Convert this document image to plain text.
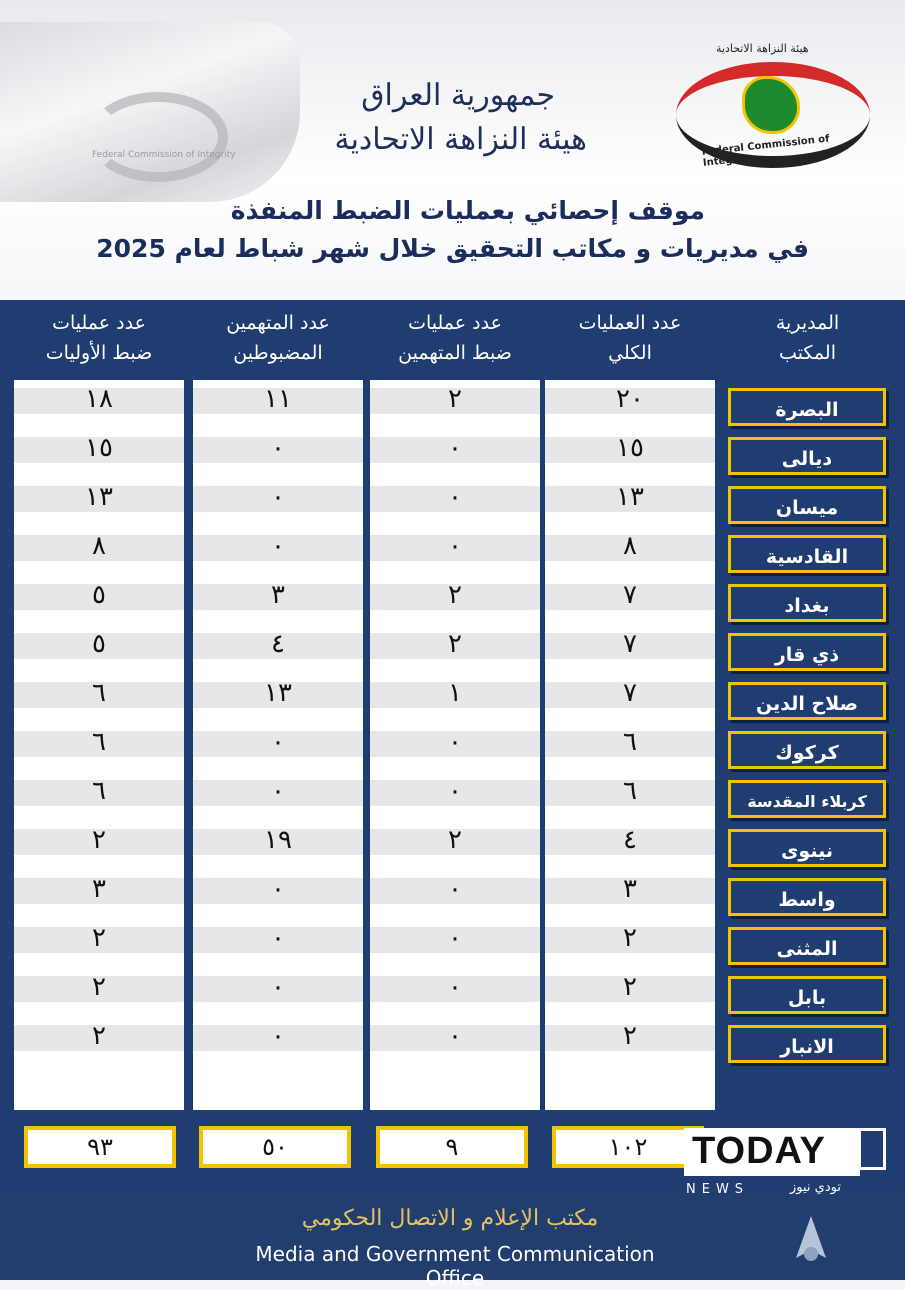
Federal Commission of Integrity
جمهورية العراق
هيئة النزاهة الاتحادية
هيئة النزاهة الاتحادية
Federal Commission of Integrity
موقف إحصائي بعمليات الضبط المنفذة
في مديريات و مكاتب التحقيق خلال شهر شباط لعام 2025
المديرية
المكتب
عدد العمليات
الكلي
عدد عمليات
ضبط المتهمين
عدد المتهمين
المضبوطين
عدد عمليات
ضبط الأوليات
٢٠
١٥
١٣
٨
٧
٧
٧
٦
٦
٤
٣
٢
٢
٢
٢
٠
٠
٠
٢
٢
١
٠
٠
٢
٠
٠
٠
٠
١١
٠
٠
٠
٣
٤
١٣
٠
٠
١٩
٠
٠
٠
٠
١٨
١٥
١٣
٨
٥
٥
٦
٦
٦
٢
٣
٢
٢
٢
البصرة
ديالى
ميسان
القادسية
بغداد
ذي قار
صلاح الدين
كركوك
كربلاء المقدسة
نينوى
واسط
المثنى
بابل
الانبار
١٠٢
٩
٥٠
٩٣	TODAY
NEWS	تودي نيوز
مكتب الإعلام و الاتصال الحكومي
Media and Government Communication Office
